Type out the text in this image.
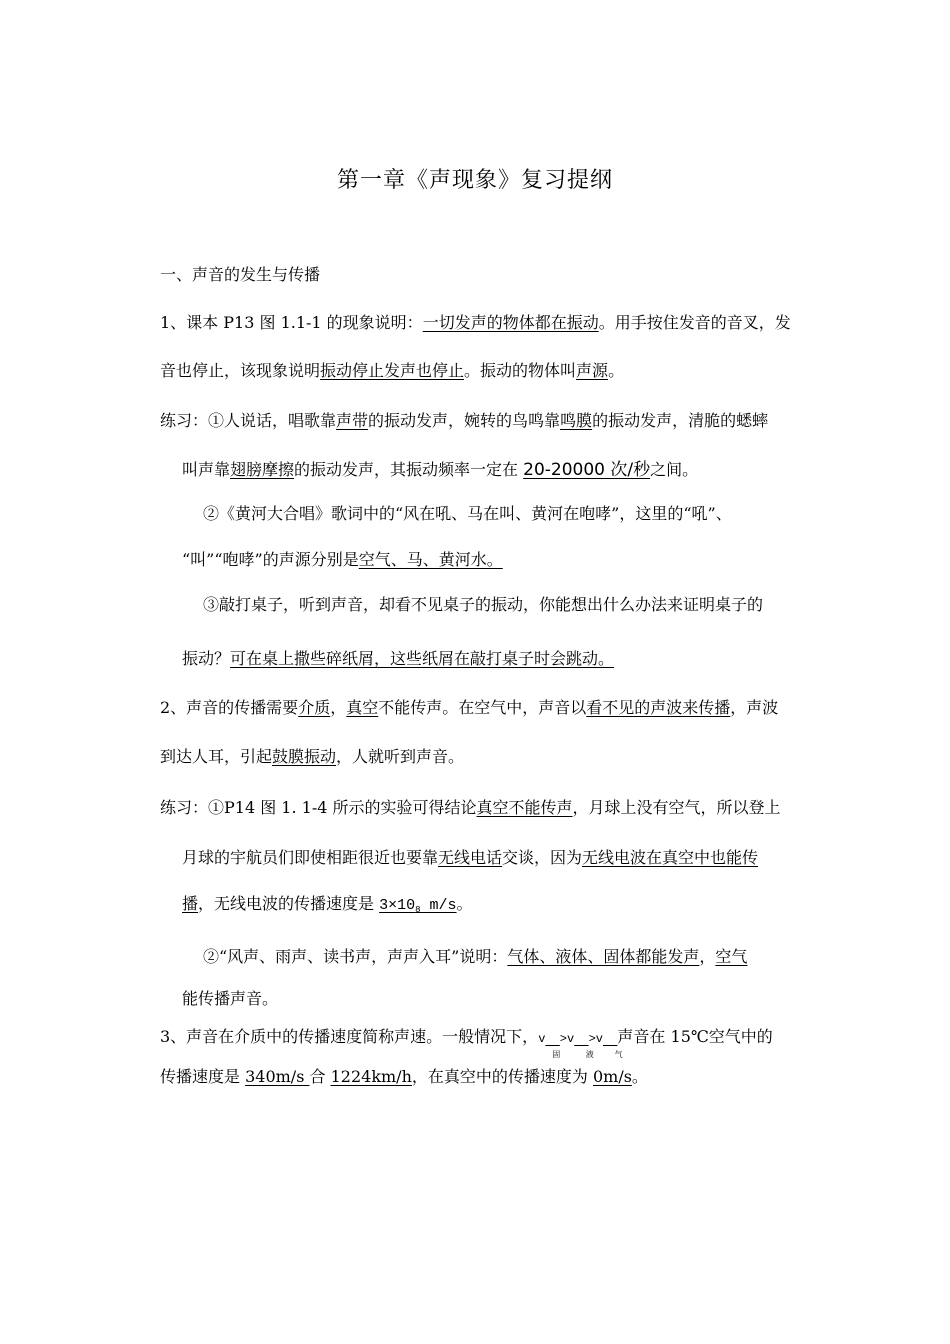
第一章《声现象》复习提纲
一、声音的发生与传播
1、课本 P13 图 1.1-1 的现象说明：一切发声的物体都在振动。用手按住发音的音叉，发
音也停止，该现象说明振动停止发声也停止。振动的物体叫声源。
练习：①人说话，唱歌靠声带的振动发声，婉转的鸟鸣靠鸣膜的振动发声，清脆的蟋蟀
叫声靠翅膀摩擦的振动发声，其振动频率一定在 20-20000 次/秒之间。
②《黄河大合唱》歌词中的“风在吼、马在叫、黄河在咆哮”，这里的“吼”、
“叫”“咆哮”的声源分别是空气、马、黄河水。
③敲打桌子，听到声音，却看不见桌子的振动，你能想出什么办法来证明桌子的
振动？可在桌上撒些碎纸屑，这些纸屑在敲打桌子时会跳动。
2、声音的传播需要介质，真空不能传声。在空气中，声音以看不见的声波来传播，声波
到达人耳，引起鼓膜振动，人就听到声音。
练习：①P14 图 1. 1-4 所示的实验可得结论真空不能传声，月球上没有空气，所以登上
月球的宇航员们即使相距很近也要靠无线电话交谈，因为无线电波在真空中也能传
播，无线电波的传播速度是 $3\times 10_8$ m/s。
②“风声、雨声、读书声，声声入耳”说明：气体、液体、固体都能发声，空气
能传播声音。
3、声音在介质中的传播速度简称声速。一般情况下，v
固
>v
液
>v
气
声音在 15℃空气中的
传播速度是 340m/s 合 1224km/h，在真空中的传播速度为 0m/s。
